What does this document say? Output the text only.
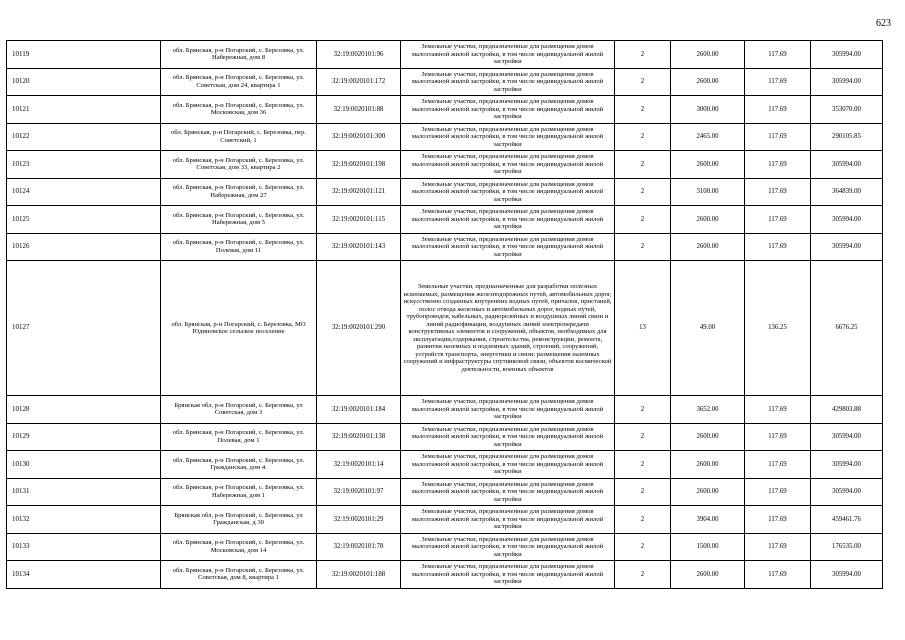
623
10119	обл. Брянская, р-н Погарский, с. Березовка, ул. Набережная, дом 8	32:19:0020101:96	Земельные участки, предназначенные для размещения домов малоэтажной жилой застройки, в том числе индивидуальной жилой застройки	2	2600.00	117.69	305994.00
10120	обл. Брянская, р-н Погарский, с. Березовка, ул. Советская, дом 24, квартира 1	32:19:0020101:172	Земельные участки, предназначенные для размещения домов малоэтажной жилой застройки, в том числе индивидуальной жилой застройки	2	2600.00	117.69	305994.00
10121	обл. Брянская, р-н Погарский, с. Березовка, ул. Московская, дом 36	32:19:0020101:88	Земельные участки, предназначенные для размещения домов малоэтажной жилой застройки, в том числе индивидуальной жилой застройки	2	3000.00	117.69	353070.00
10122	обл. Брянская, р-н Погарский, с. Березовка, пер. Советский, 1	32:19:0020101:300	Земельные участки, предназначенные для размещения домов малоэтажной жилой застройки, в том числе индивидуальной жилой застройки	2	2465.00	117.69	290105.85
10123	обл. Брянская, р-н Погарский, с. Березовка, ул. Советская, дом 33, квартира 2	32:19:0020101:198	Земельные участки, предназначенные для размещения домов малоэтажной жилой застройки, в том числе индивидуальной жилой застройки	2	2600.00	117.69	305994.00
10124	обл. Брянская, р-н Погарский, с. Березовка, ул. Набережная, дом 27	32:19:0020101:121	Земельные участки, предназначенные для размещения домов малоэтажной жилой застройки, в том числе индивидуальной жилой застройки	2	3100.00	117.69	364839.00
10125	обл. Брянская, р-н Погарский, с. Березовка, ул. Набережная, дом 5	32:19:0020101:115	Земельные участки, предназначенные для размещения домов малоэтажной жилой застройки, в том числе индивидуальной жилой застройки	2	2600.00	117.69	305994.00
10126	обл. Брянская, р-н Погарский, с. Березовка, ул. Полевая, дом 11	32:19:0020101:143	Земельные участки, предназначенные для размещения домов малоэтажной жилой застройки, в том числе индивидуальной жилой застройки	2	2600.00	117.69	305994.00
10127	обл. Брянская, р-н Погарский, с. Березовка, МО Юдиновское сельское поселение	32:19:0020101:290	Земельные участки, предназначенные для разработки полезных ископаемых, размещения железнодорожных путей, автомобильных дорог, искусственно созданных внутренних водных путей, причалов, пристаней, полос отвода железных и автомобильных дорог, водных путей, трубопроводов, кабельных, радиорелейных и воздушных линий связи и линий радиофикации, воздушных линий электропередачи конструктивных элементов и сооружений, объектов, необходимых для эксплуатации,содержания, строительства, реконструкции, ремонта, развития наземных и подземных зданий, строений, сооружений, устройств транспорта, энергетики и связи; размещения наземных сооружений и инфраструктуры спутниковой связи, объектов космической деятельности, военных объектов	13	49.00	136.25	6676.25
10128	Брянская обл, р-н Погарский, с. Березовка, ул Советская, дом 3	32:19:0020101:184	Земельные участки, предназначенные для размещения домов малоэтажной жилой застройки, в том числе индивидуальной жилой застройки	2	3652.00	117.69	429803.88
10129	обл. Брянская, р-н Погарский, с. Березовка, ул. Полевая, дом 1	32:19:0020101:138	Земельные участки, предназначенные для размещения домов малоэтажной жилой застройки, в том числе индивидуальной жилой застройки	2	2600.00	117.69	305994.00
10130	обл. Брянская, р-н Погарский, с. Березовка, ул. Гражданская, дом 4.	32:19:0020101:14	Земельные участки, предназначенные для размещения домов малоэтажной жилой застройки, в том числе индивидуальной жилой застройки	2	2600.00	117.69	305994.00
10131	обл. Брянская, р-н Погарский, с. Березовка, ул. Набережная, дом 1	32:19:0020101:97	Земельные участки, предназначенные для размещения домов малоэтажной жилой застройки, в том числе индивидуальной жилой застройки	2	2600.00	117.69	305994.00
10132	Брянская обл, р-н Погарский, с. Березовка, ул Гражданская, д 30	32:19:0020101:29	Земельные участки, предназначенные для размещения домов малоэтажной жилой застройки, в том числе индивидуальной жилой застройки	2	3904.00	117.69	459461.76
10133	обл. Брянская, р-н Погарский, с. Березовка, ул. Московская, дом 14	32:19:0020101:78	Земельные участки, предназначенные для размещения домов малоэтажной жилой застройки, в том числе индивидуальной жилой застройки	2	1500.00	117.69	176535.00
10134	обл. Брянская, р-н Погарский, с. Березовка, ул. Советская, дом 8, квартира 1	32:19:0020101:188	Земельные участки, предназначенные для размещения домов малоэтажной жилой застройки, в том числе индивидуальной жилой застройки	2	2600.00	117.69	305994.00
